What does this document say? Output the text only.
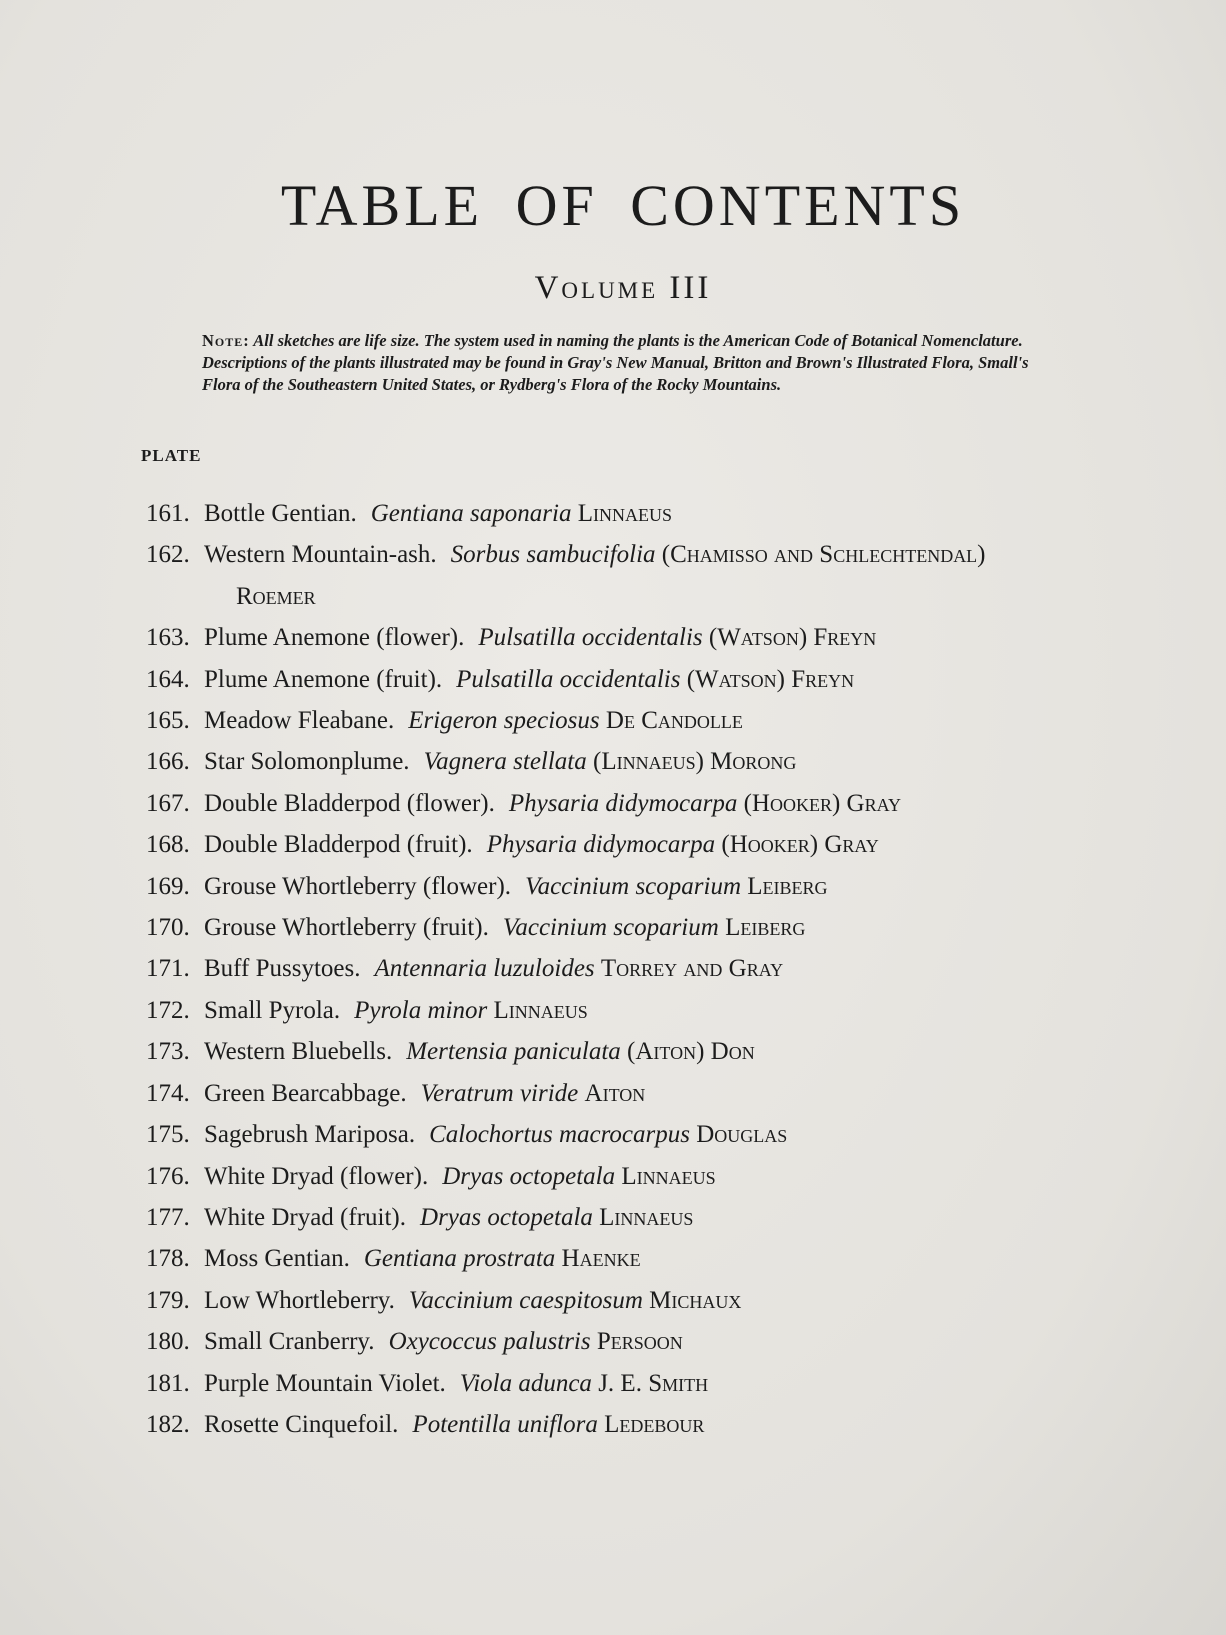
TABLE OF CONTENTS
Volume III
Note: All sketches are life size. The system used in naming the plants is the American Code of Botanical Nomenclature. Descriptions of the plants illustrated may be found in Gray's New Manual, Britton and Brown's Illustrated Flora, Small's Flora of the Southeastern United States, or Rydberg's Flora of the Rocky Mountains.
PLATE
161. Bottle Gentian. Gentiana saponaria Linnaeus
162. Western Mountain-ash. Sorbus sambucifolia (Chamisso and Schlechtendal)
Roemer
163. Plume Anemone (flower). Pulsatilla occidentalis (Watson) Freyn
164. Plume Anemone (fruit). Pulsatilla occidentalis (Watson) Freyn
165. Meadow Fleabane. Erigeron speciosus De Candolle
166. Star Solomonplume. Vagnera stellata (Linnaeus) Morong
167. Double Bladderpod (flower). Physaria didymocarpa (Hooker) Gray
168. Double Bladderpod (fruit). Physaria didymocarpa (Hooker) Gray
169. Grouse Whortleberry (flower). Vaccinium scoparium Leiberg
170. Grouse Whortleberry (fruit). Vaccinium scoparium Leiberg
171. Buff Pussytoes. Antennaria luzuloides Torrey and Gray
172. Small Pyrola. Pyrola minor Linnaeus
173. Western Bluebells. Mertensia paniculata (Aiton) Don
174. Green Bearcabbage. Veratrum viride Aiton
175. Sagebrush Mariposa. Calochortus macrocarpus Douglas
176. White Dryad (flower). Dryas octopetala Linnaeus
177. White Dryad (fruit). Dryas octopetala Linnaeus
178. Moss Gentian. Gentiana prostrata Haenke
179. Low Whortleberry. Vaccinium caespitosum Michaux
180. Small Cranberry. Oxycoccus palustris Persoon
181. Purple Mountain Violet. Viola adunca J. E. Smith
182. Rosette Cinquefoil. Potentilla uniflora Ledebour
